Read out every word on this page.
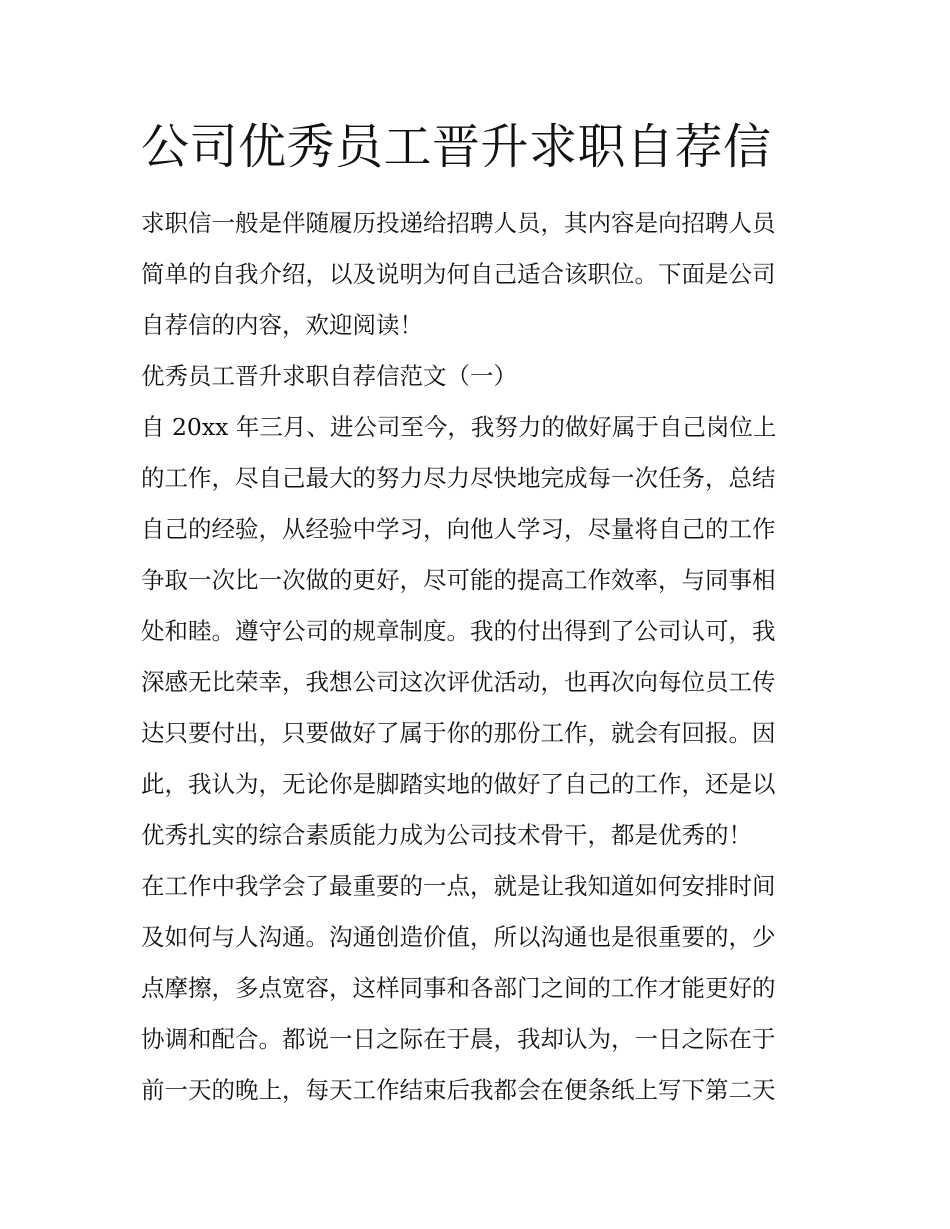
公司优秀员工晋升求职自荐信
求职信一般是伴随履历投递给招聘人员，其内容是向招聘人员
简单的自我介绍，以及说明为何自己适合该职位。下面是公司
自荐信的内容，欢迎阅读！
优秀员工晋升求职自荐信范文（一）
自 20xx 年三月、进公司至今，我努力的做好属于自己岗位上
的工作，尽自己最大的努力尽力尽快地完成每一次任务，总结
自己的经验，从经验中学习，向他人学习，尽量将自己的工作
争取一次比一次做的更好，尽可能的提高工作效率，与同事相
处和睦。遵守公司的规章制度。我的付出得到了公司认可，我
深感无比荣幸，我想公司这次评优活动，也再次向每位员工传
达只要付出，只要做好了属于你的那份工作，就会有回报。因
此，我认为，无论你是脚踏实地的做好了自己的工作，还是以
优秀扎实的综合素质能力成为公司技术骨干，都是优秀的！
在工作中我学会了最重要的一点，就是让我知道如何安排时间
及如何与人沟通。沟通创造价值，所以沟通也是很重要的，少
点摩擦，多点宽容，这样同事和各部门之间的工作才能更好的
协调和配合。都说一日之际在于晨，我却认为，一日之际在于
前一天的晚上，每天工作结束后我都会在便条纸上写下第二天
